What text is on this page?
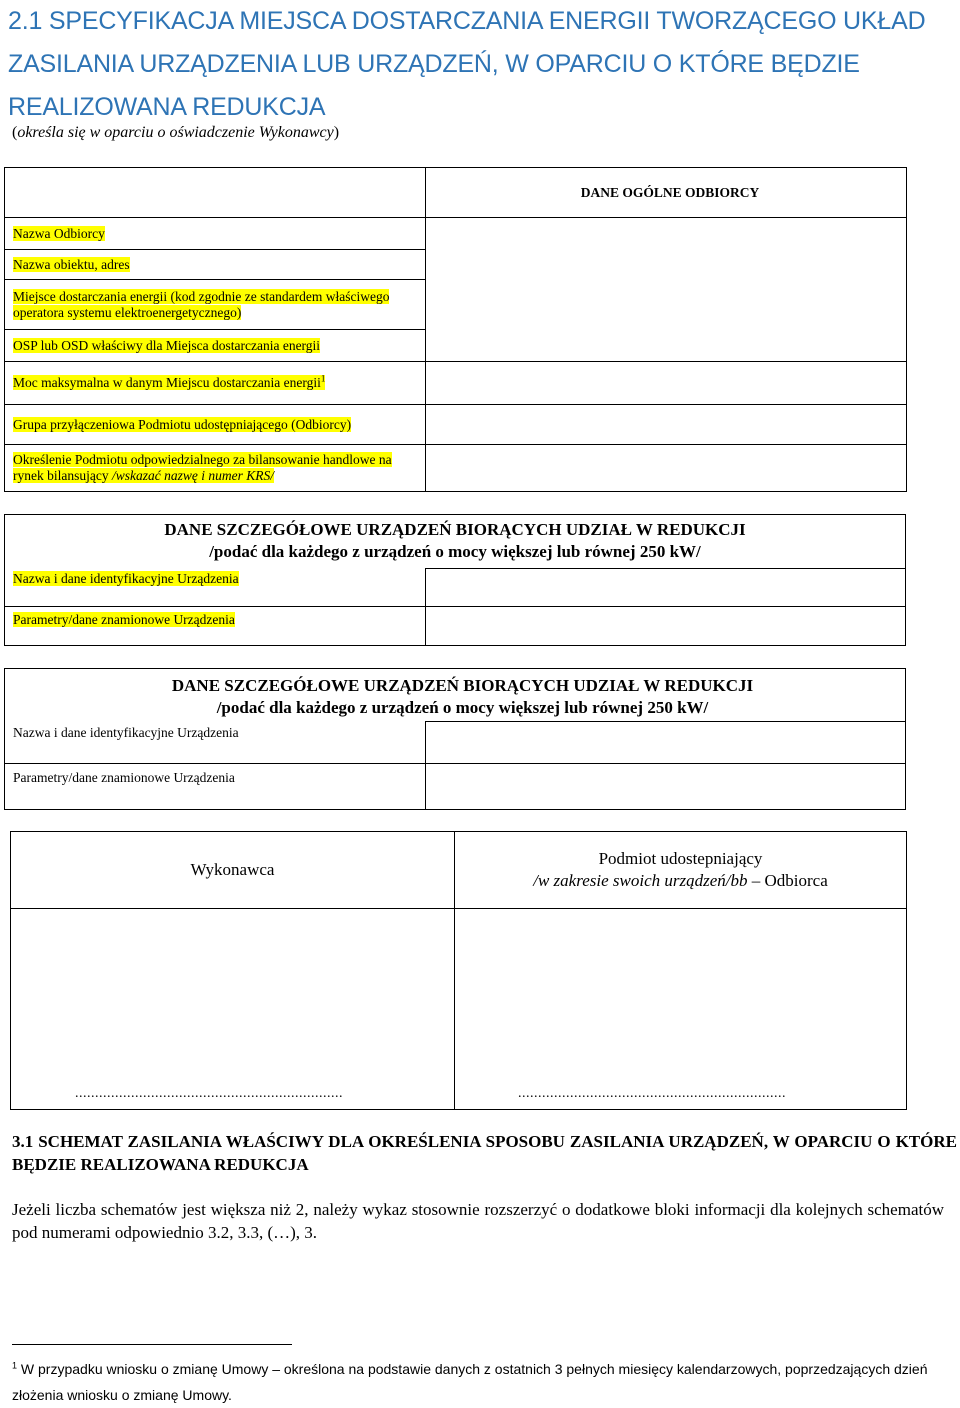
2.1 SPECYFIKACJA MIEJSCA DOSTARCZANIA ENERGII TWORZĄCEGO UKŁAD
ZASILANIA URZĄDZENIA LUB URZĄDZEŃ, W OPARCIU O KTÓRE BĘDZIE
REALIZOWANA REDUKCJA
(określa się w oparciu o oświadczenie Wykonawcy)
	DANE OGÓLNE ODBIORCY
Nazwa Odbiorcy	
Nazwa obiektu, adres	
Miejsce dostarczania energii (kod zgodnie ze standardem właściwego operatora systemu elektroenergetycznego)	
OSP lub OSD właściwy dla Miejsca dostarczania energii	
Moc maksymalna w danym Miejscu dostarczania energii$^1$	
Grupa przyłączeniowa Podmiotu udostępniającego (Odbiorcy)	
Określenie Podmiotu odpowiedzialnego za bilansowanie handlowe na rynek bilansujący /wskazać nazwę i numer KRS/	
DANE SZCZEGÓŁOWE URZĄDZEŃ BIORĄCYCH UDZIAŁ W REDUKCJI
/podać dla każdego z urządzeń o mocy większej lub równej 250 kW/
Nazwa i dane identyfikacyjne Urządzenia
Parametry/dane znamionowe Urządzenia
DANE SZCZEGÓŁOWE URZĄDZEŃ BIORĄCYCH UDZIAŁ W REDUKCJI
/podać dla każdego z urządzeń o mocy większej lub równej 250 kW/
Nazwa i dane identyfikacyjne Urządzenia
Parametry/dane znamionowe Urządzenia
Wykonawca	Podmiot udostepniający
/w zakresie swoich urządzeń/bb – Odbiorca

...................................................................	...................................................................
3.1 SCHEMAT ZASILANIA WŁAŚCIWY DLA OKREŚLENIA SPOSOBU ZASILANIA URZĄDZEŃ, W OPARCIU O KTÓRE BĘDZIE REALIZOWANA REDUKCJA
Jeżeli liczba schematów jest większa niż 2, należy wykaz stosownie rozszerzyć o dodatkowe bloki informacji dla kolejnych schematów pod numerami odpowiednio 3.2, 3.3, (…), 3.
$^1$ W przypadku wniosku o zmianę Umowy – określona na podstawie danych z ostatnich 3 pełnych miesięcy kalendarzowych, poprzedzających dzień złożenia wniosku o zmianę Umowy.
